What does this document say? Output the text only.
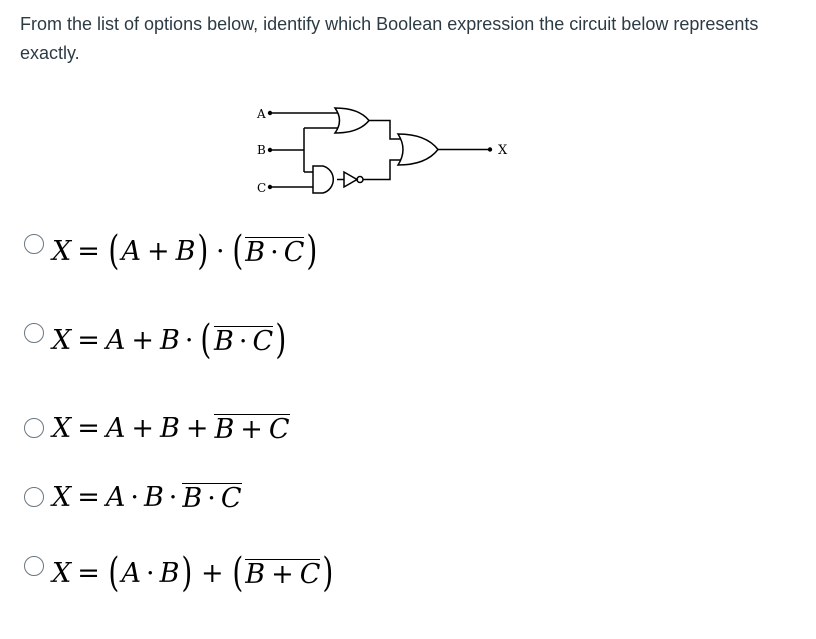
From the list of options below, identify which Boolean expression the circuit below represents exactly.
A
B
C
X
X = ( A + B ) · ( B · C )
X = A + B · ( B · C )
X = A + B + B + C
X = A · B · B · C
X = ( A · B ) + ( B + C )
